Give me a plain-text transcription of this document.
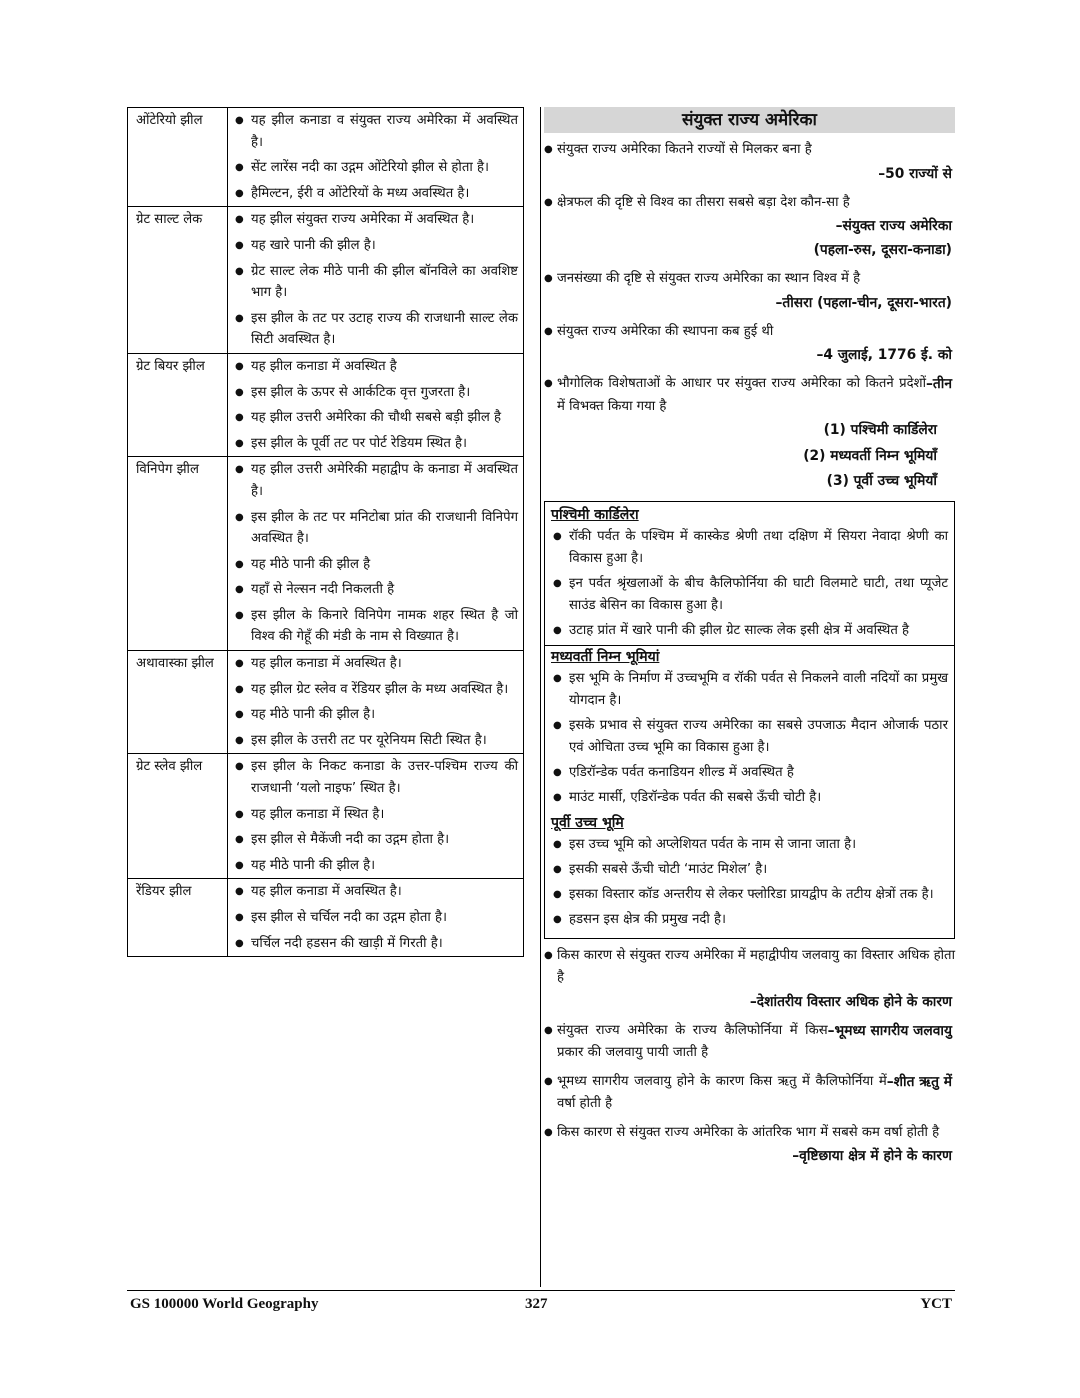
ओंटेरियो झील	● यह झील कनाडा व संयुक्त राज्य अमेरिका में अवस्थित है।
● सेंट लारेंस नदी का उद्गम ओंटेरियो झील से होता है।
● हैमिल्टन, ईरी व ओंटेरियों के मध्य अवस्थित है।

ग्रेट साल्ट लेक	● यह झील संयुक्त राज्य अमेरिका में अवस्थित है।
● यह खारे पानी की झील है।
● ग्रेट साल्ट लेक मीठे पानी की झील बॉनविले का अवशिष्ट भाग है।
● इस झील के तट पर उटाह राज्य की राजधानी साल्ट लेक सिटी अवस्थित है।

ग्रेट बियर झील	● यह झील कनाडा में अवस्थित है
● इस झील के ऊपर से आर्कटिक वृत्त गुजरता है।
● यह झील उत्तरी अमेरिका की चौथी सबसे बड़ी झील है
● इस झील के पूर्वी तट पर पोर्ट रेडियम स्थित है।

विनिपेग झील	● यह झील उत्तरी अमेरिकी महाद्वीप के कनाडा में अवस्थित है।
● इस झील के तट पर मनिटोबा प्रांत की राजधानी विनिपेग अवस्थित है।
● यह मीठे पानी की झील है
● यहाँ से नेल्सन नदी निकलती है
● इस झील के किनारे विनिपेग नामक शहर स्थित है जो विश्व की गेहूँ की मंडी के नाम से विख्यात है।

अथावास्का झील	● यह झील कनाडा में अवस्थित है।
● यह झील ग्रेट स्लेव व रेंडियर झील के मध्य अवस्थित है।
● यह मीठे पानी की झील है।
● इस झील के उत्तरी तट पर यूरेनियम सिटी स्थित है।

ग्रेट स्लेव झील	● इस झील के निकट कनाडा के उत्तर-पश्चिम राज्य की राजधानी ‘यलो नाइफ’ स्थित है।
● यह झील कनाडा में स्थित है।
● इस झील से मैकेंजी नदी का उद्गम होता है।
● यह मीठे पानी की झील है।

रेंडियर झील	● यह झील कनाडा में अवस्थित है।
● इस झील से चर्चिल नदी का उद्गम होता है।
● चर्चिल नदी हडसन की खाड़ी में गिरती है।
संयुक्त राज्य अमेरिका
● संयुक्त राज्य अमेरिका कितने राज्यों से मिलकर बना है
–50 राज्यों से
● क्षेत्रफल की दृष्टि से विश्व का तीसरा सबसे बड़ा देश कौन-सा है
–संयुक्त राज्य अमेरिका
(पहला-रुस, दूसरा-कनाडा)
● जनसंख्या की दृष्टि से संयुक्त राज्य अमेरिका का स्थान विश्व में है
–तीसरा (पहला-चीन, दूसरा-भारत)
● संयुक्त राज्य अमेरिका की स्थापना कब हुई थी
–4 जुलाई, 1776 ई. को
● –तीन
भौगोलिक विशेषताओं के आधार पर संयुक्त राज्य अमेरिका को कितने प्रदेशों में विभक्त किया गया है
(1) पश्चिमी कार्डिलेरा
(2) मध्यवर्ती निम्न भूमियाँ
(3) पूर्वी उच्च भूमियाँ
पश्चिमी कार्डिलेरा
● रॉकी पर्वत के पश्चिम में कास्केड श्रेणी तथा दक्षिण में सियरा नेवादा श्रेणी का विकास हुआ है।
● इन पर्वत श्रृंखलाओं के बीच कैलिफोर्निया की घाटी विलमाटे घाटी, तथा प्यूजेट साउंड बेसिन का विकास हुआ है।
● उटाह प्रांत में खारे पानी की झील ग्रेट साल्क लेक इसी क्षेत्र में अवस्थित है
मध्यवर्ती निम्न भूमियां
● इस भूमि के निर्माण में उच्चभूमि व रॉकी पर्वत से निकलने वाली नदियों का प्रमुख योगदान है।
● इसके प्रभाव से संयुक्त राज्य अमेरिका का सबसे उपजाऊ मैदान ओजार्क पठार एवं ओचिता उच्च भूमि का विकास हुआ है।
● एडिरॉन्डेक पर्वत कनाडियन शील्ड में अवस्थित है
● माउंट मार्सी, एडिरॉन्डेक पर्वत की सबसे ऊँची चोटी है।
पूर्वी उच्च भूमि
● इस उच्च भूमि को अप्लेशियत पर्वत के नाम से जाना जाता है।
● इसकी सबसे ऊँची चोटी ‘माउंट मिशेल’ है।
● इसका विस्तार कॉड अन्तरीय से लेकर फ्लोरिडा प्रायद्वीप के तटीय क्षेत्रों तक है।
● हडसन इस क्षेत्र की प्रमुख नदी है।
● किस कारण से संयुक्त राज्य अमेरिका में महाद्वीपीय जलवायु का विस्तार अधिक होता है
–देशांतरीय विस्तार अधिक होने के कारण
● –भूमध्य सागरीय जलवायु
संयुक्त राज्य अमेरिका के राज्य कैलिफोर्निया में किस प्रकार की जलवायु पायी जाती है
● –शीत ऋतु में
भूमध्य सागरीय जलवायु होने के कारण किस ऋतु में कैलिफोर्निया में वर्षा होती है
● किस कारण से संयुक्त राज्य अमेरिका के आंतरिक भाग में सबसे कम वर्षा होती है
–वृष्टिछाया क्षेत्र में होने के कारण
GS 100000 World Geography	327	YCT
